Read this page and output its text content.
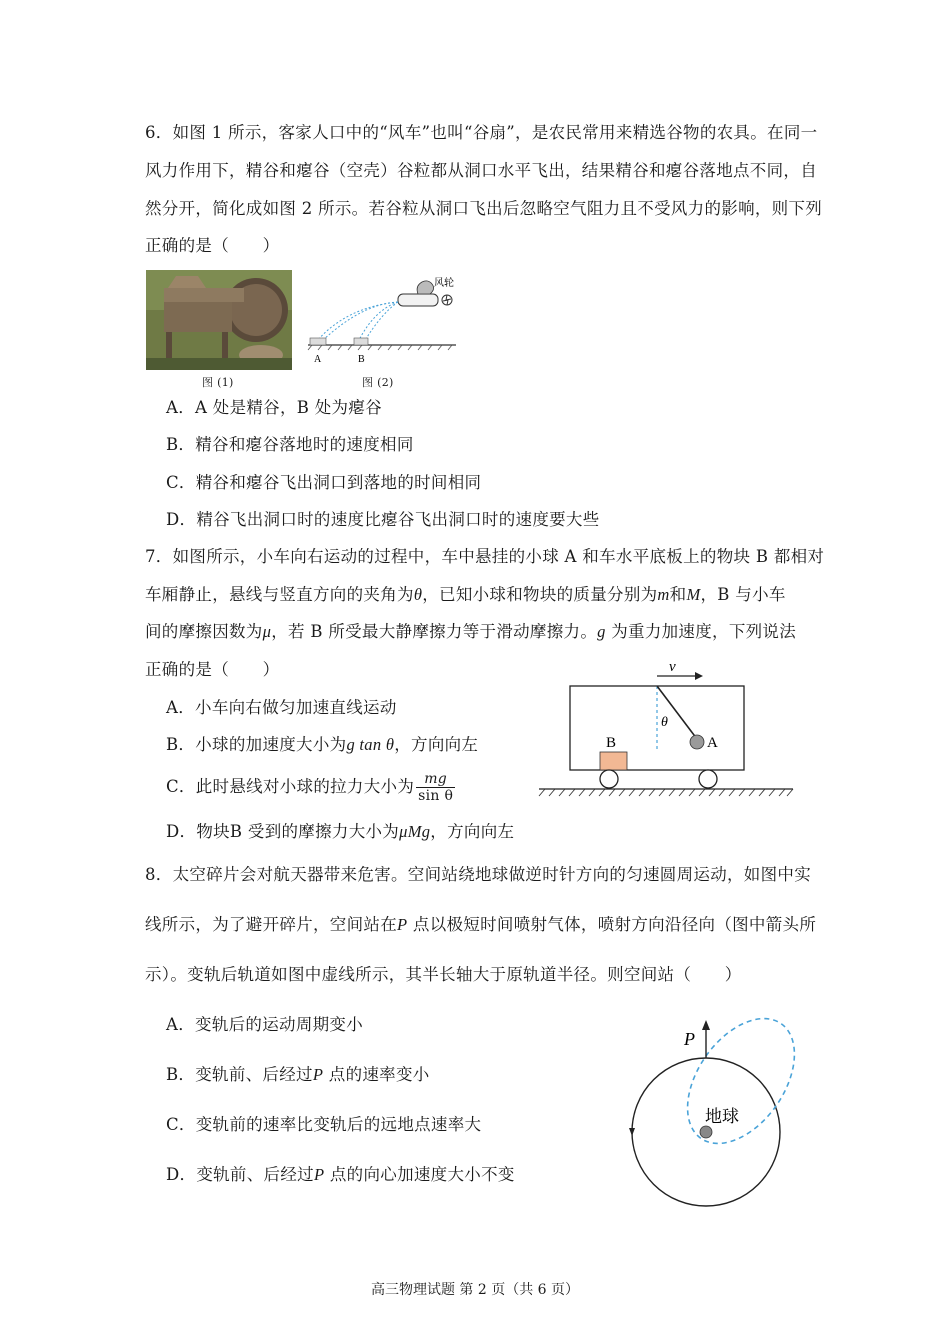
6．如图 1 所示，客家人口中的“风车”也叫“谷扇”，是农民常用来精选谷物的农具。在同一
风力作用下，精谷和瘪谷（空壳）谷粒都从洞口水平飞出，结果精谷和瘪谷落地点不同，自
然分开，简化成如图 2 所示。若谷粒从洞口飞出后忽略空气阻力且不受风力的影响，则下列
正确的是（　　）
风轮
A	B
图 (1)	图 (2)
A．A 处是精谷，B 处为瘪谷
B．精谷和瘪谷落地时的速度相同
C．精谷和瘪谷飞出洞口到落地的时间相同
D．精谷飞出洞口时的速度比瘪谷飞出洞口时的速度要大些
7．如图所示，小车向右运动的过程中，车中悬挂的小球 A 和车水平底板上的物块 B 都相对
车厢静止，悬线与竖直方向的夹角为θ，已知小球和物块的质量分别为m和M，B 与小车
间的摩擦因数为μ，若 B 所受最大静摩擦力等于滑动摩擦力。g 为重力加速度，下列说法
正确的是（　　）
A．小车向右做匀加速直线运动
B．小球的加速度大小为g tan θ，方向向左
C．此时悬线对小球的拉力大小为 $\frac{mg}{\text{sin θ}}$
D．物块B 受到的摩擦力大小为μMg，方向向左
v
A
θ
B
8．太空碎片会对航天器带来危害。空间站绕地球做逆时针方向的匀速圆周运动，如图中实
线所示，为了避开碎片，空间站在P 点以极短时间喷射气体，喷射方向沿径向（图中箭头所
示）。变轨后轨道如图中虚线所示，其半长轴大于原轨道半径。则空间站（　　）
A．变轨后的运动周期变小
B．变轨前、后经过P 点的速率变小
C．变轨前的速率比变轨后的远地点速率大
D．变轨前、后经过P 点的向心加速度大小不变
P
地球
高三物理试题 第 2 页（共 6 页）
